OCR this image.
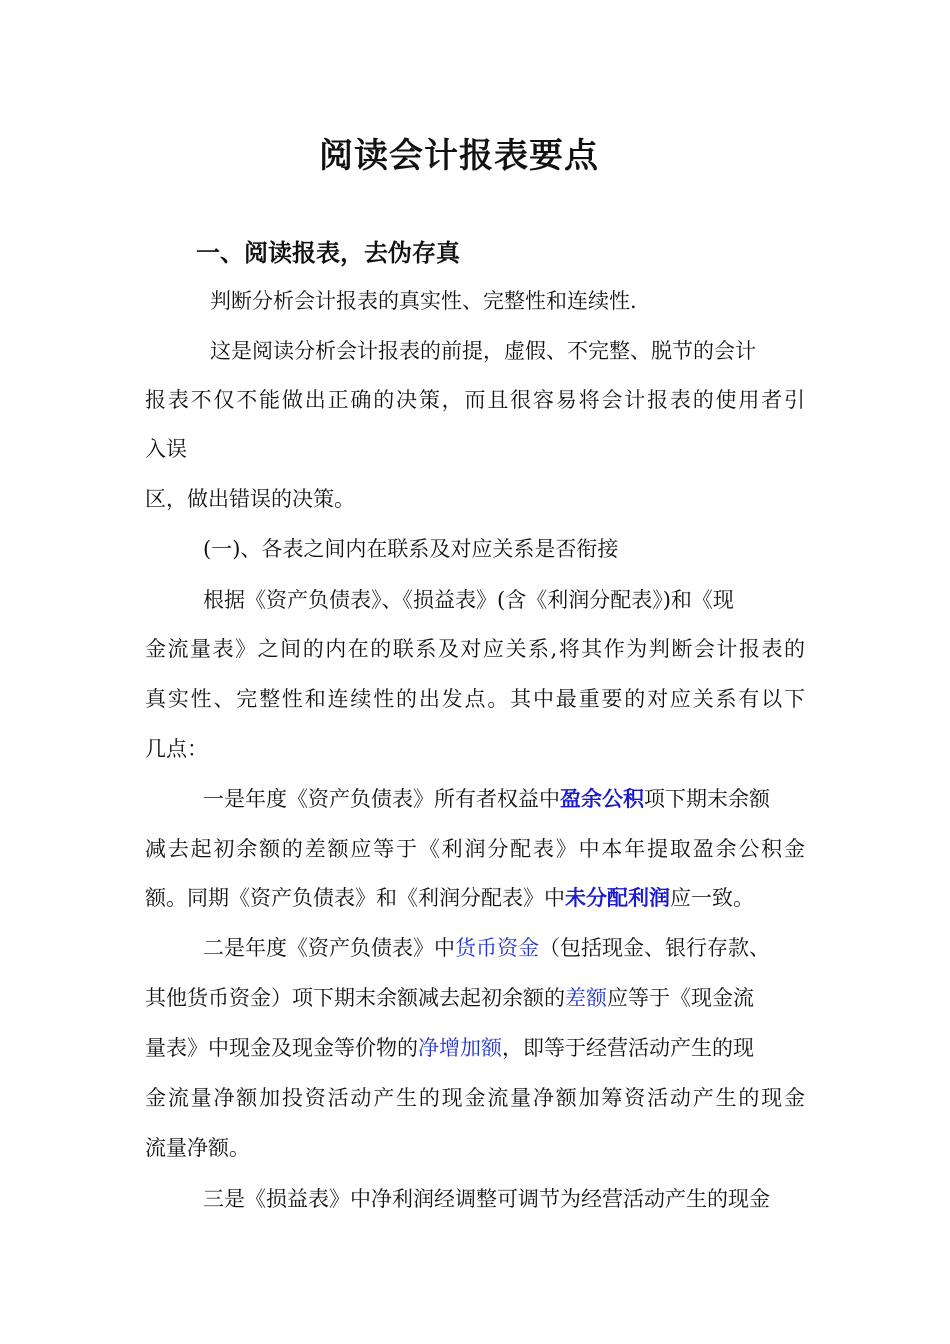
阅读会计报表要点
一、阅读报表，去伪存真
判断分析会计报表的真实性、完整性和连续性.
这是阅读分析会计报表的前提，虚假、不完整、脱节的会计
报表不仅不能做出正确的决策，而且很容易将会计报表的使用者引
入误
区，做出错误的决策。
(一)、各表之间内在联系及对应关系是否衔接
根据《资产负债表》、《损益表》(含《利润分配表》)和《现
金流量表》之间的内在的联系及对应关系,将其作为判断会计报表的
真实性、完整性和连续性的出发点。其中最重要的对应关系有以下
几点：
一是年度《资产负债表》所有者权益中盈余公积项下期末余额
减去起初余额的差额应等于《利润分配表》中本年提取盈余公积金
额。同期《资产负债表》和《利润分配表》中未分配利润应一致。
二是年度《资产负债表》中货币资金（包括现金、银行存款、
其他货币资金）项下期末余额减去起初余额的差额应等于《现金流
量表》中现金及现金等价物的净增加额，即等于经营活动产生的现
金流量净额加投资活动产生的现金流量净额加筹资活动产生的现金
流量净额。
三是《损益表》中净利润经调整可调节为经营活动产生的现金
